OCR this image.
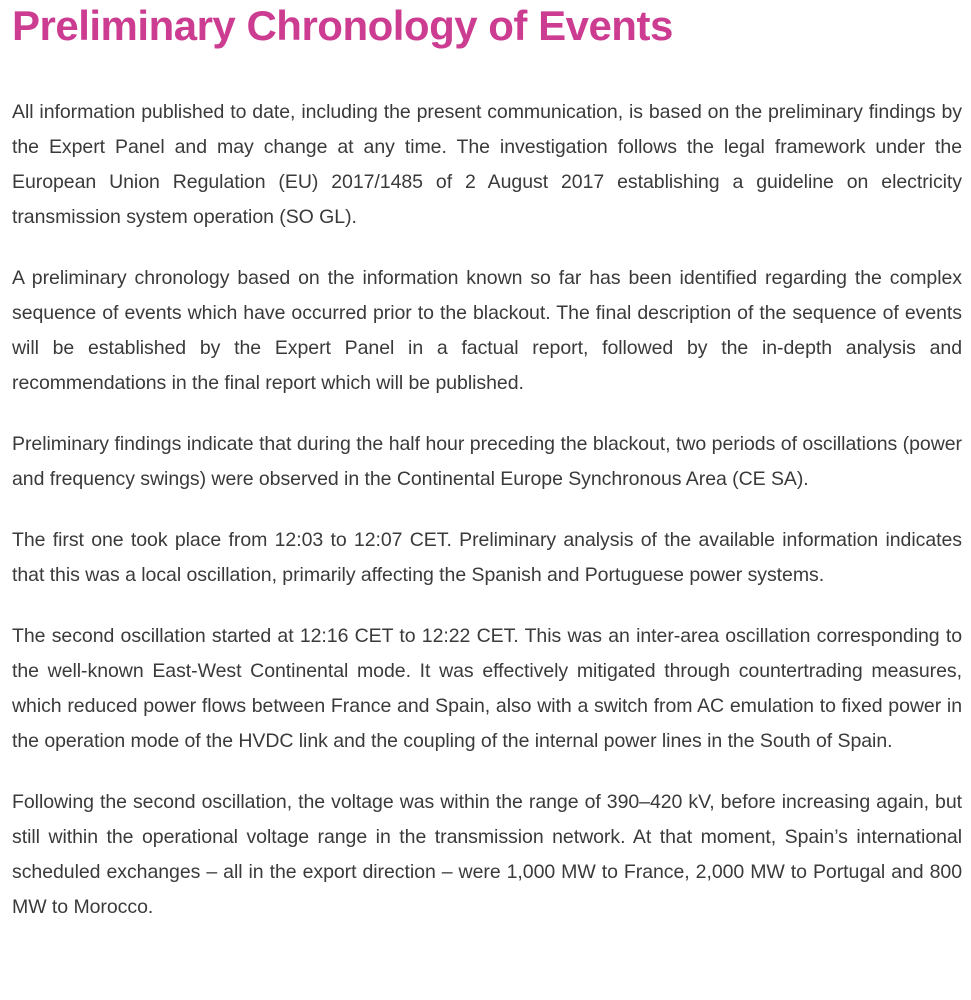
Preliminary Chronology of Events

All information published to date, including the present communication, is based on the preliminary findings by the Expert Panel and may change at any time. The investigation follows the legal framework under the European Union Regulation (EU) 2017/1485 of 2 August 2017 establishing a guideline on electricity transmission system operation (SO GL).

A preliminary chronology based on the information known so far has been identified regarding the complex sequence of events which have occurred prior to the blackout. The final description of the sequence of events will be established by the Expert Panel in a factual report, followed by the in-depth analysis and recommendations in the final report which will be published.

Preliminary findings indicate that during the half hour preceding the blackout, two periods of oscillations (power and frequency swings) were observed in the Continental Europe Synchronous Area (CE SA).

The first one took place from 12:03 to 12:07 CET. Preliminary analysis of the available information indicates that this was a local oscillation, primarily affecting the Spanish and Portuguese power systems.

The second oscillation started at 12:16 CET to 12:22 CET. This was an inter-area oscillation corresponding to the well-known East-West Continental mode. It was effectively mitigated through countertrading measures, which reduced power flows between France and Spain, also with a switch from AC emulation to fixed power in the operation mode of the HVDC link and the coupling of the internal power lines in the South of Spain.

Following the second oscillation, the voltage was within the range of 390–420 kV, before increasing again, but still within the operational voltage range in the transmission network. At that moment, Spain’s international scheduled exchanges – all in the export direction – were 1,000 MW to France, 2,000 MW to Portugal and 800 MW to Morocco.
